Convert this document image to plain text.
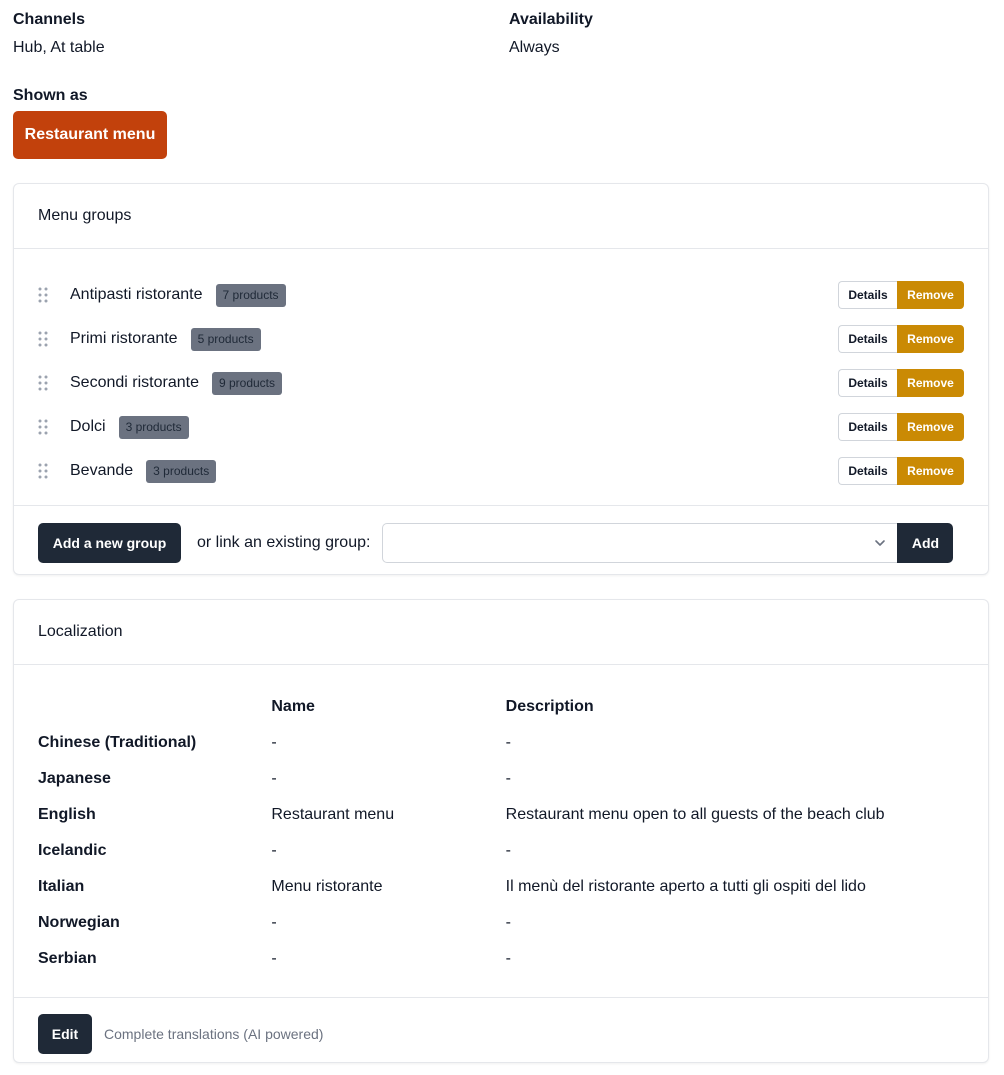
Channels
Hub, At table
Availability
Always
Shown as
Restaurant menu
Menu groups
Antipasti ristorante	7 products	Details	Remove
Primi ristorante	5 products	Details	Remove
Secondi ristorante	9 products	Details	Remove
Dolci	3 products	Details	Remove
Bevande	3 products	Details	Remove
Add a new group	or link an existing group:	Add
Localization
	Name	Description
Chinese (Traditional)	-	-
Japanese	-	-
English	Restaurant menu	Restaurant menu open to all guests of the beach club
Icelandic	-	-
Italian	Menu ristorante	Il menù del ristorante aperto a tutti gli ospiti del lido
Norwegian	-	-
Serbian	-	-
Edit	Complete translations (AI powered)
